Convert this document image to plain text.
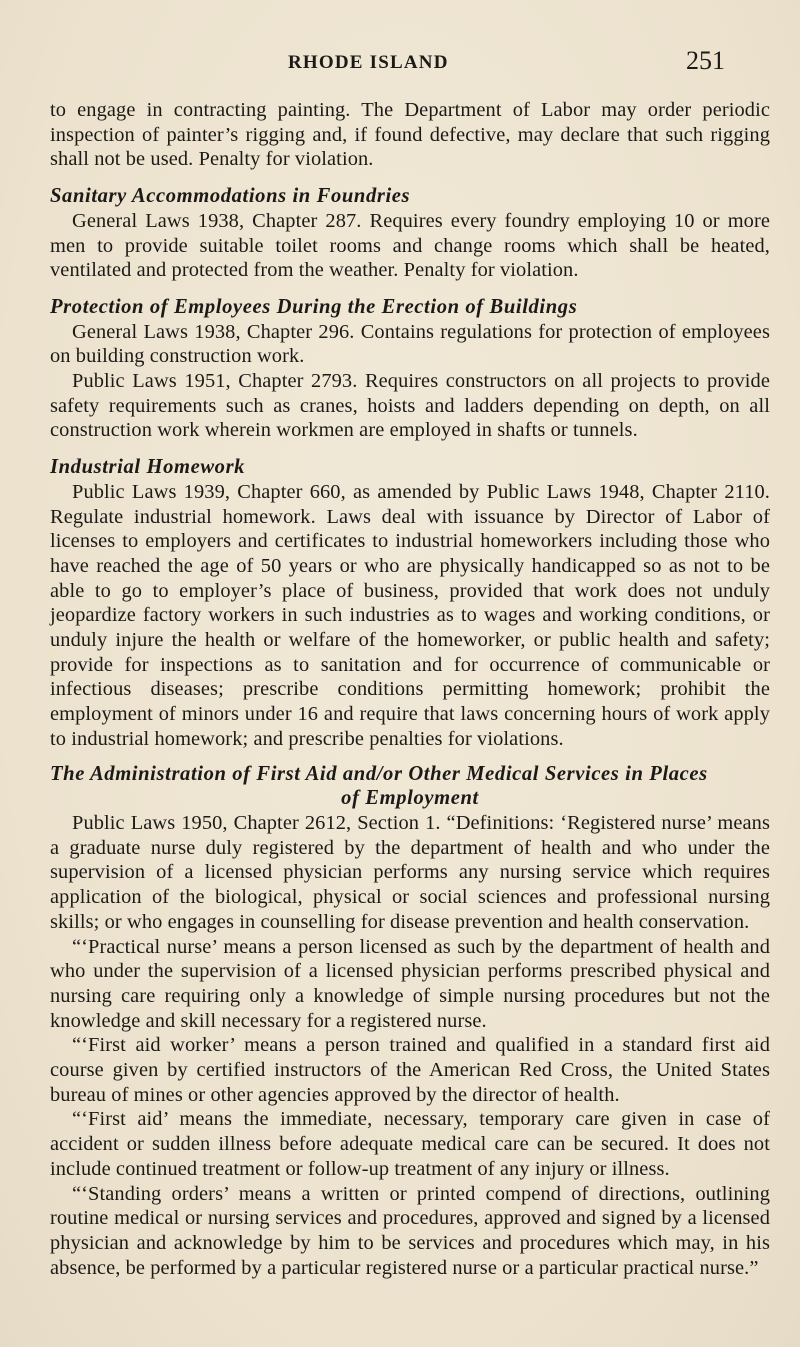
RHODE ISLAND	251

to engage in contracting painting. The Department of Labor may order periodic inspection of painter’s rigging and, if found defective, may declare that such rigging shall not be used. Penalty for violation.

Sanitary Accommodations in Foundries

General Laws 1938, Chapter 287. Requires every foundry employing 10 or more men to provide suitable toilet rooms and change rooms which shall be heated, ventilated and protected from the weather. Penalty for violation.

Protection of Employees During the Erection of Buildings

General Laws 1938, Chapter 296. Contains regulations for protection of employees on building construction work.

Public Laws 1951, Chapter 2793. Requires constructors on all projects to provide safety requirements such as cranes, hoists and ladders depending on depth, on all construction work wherein workmen are employed in shafts or tunnels.

Industrial Homework

Public Laws 1939, Chapter 660, as amended by Public Laws 1948, Chapter 2110. Regulate industrial homework. Laws deal with issuance by Director of Labor of licenses to employers and certificates to industrial homeworkers including those who have reached the age of 50 years or who are physically handicapped so as not to be able to go to employer’s place of business, provided that work does not unduly jeopardize factory workers in such industries as to wages and working conditions, or unduly injure the health or welfare of the homeworker, or public health and safety; provide for inspections as to sanitation and for occurrence of communicable or infectious diseases; prescribe conditions permitting homework; prohibit the employment of minors under 16 and require that laws concerning hours of work apply to industrial homework; and prescribe penalties for violations.

The Administration of First Aid and/or Other Medical Services in Places
of Employment

Public Laws 1950, Chapter 2612, Section 1. “Definitions: ‘Registered nurse’ means a graduate nurse duly registered by the department of health and who under the supervision of a licensed physician performs any nursing service which requires application of the biological, physical or social sciences and professional nursing skills; or who engages in counselling for disease prevention and health conservation.

“‘Practical nurse’ means a person licensed as such by the department of health and who under the supervision of a licensed physician performs prescribed physical and nursing care requiring only a knowledge of simple nursing procedures but not the knowledge and skill necessary for a registered nurse.

“‘First aid worker’ means a person trained and qualified in a standard first aid course given by certified instructors of the American Red Cross, the United States bureau of mines or other agencies approved by the director of health.

“‘First aid’ means the immediate, necessary, temporary care given in case of accident or sudden illness before adequate medical care can be secured. It does not include continued treatment or follow-up treatment of any injury or illness.

“‘Standing orders’ means a written or printed compend of directions, outlining routine medical or nursing services and procedures, approved and signed by a licensed physician and acknowledge by him to be services and procedures which may, in his absence, be performed by a particular registered nurse or a particular practical nurse.”
